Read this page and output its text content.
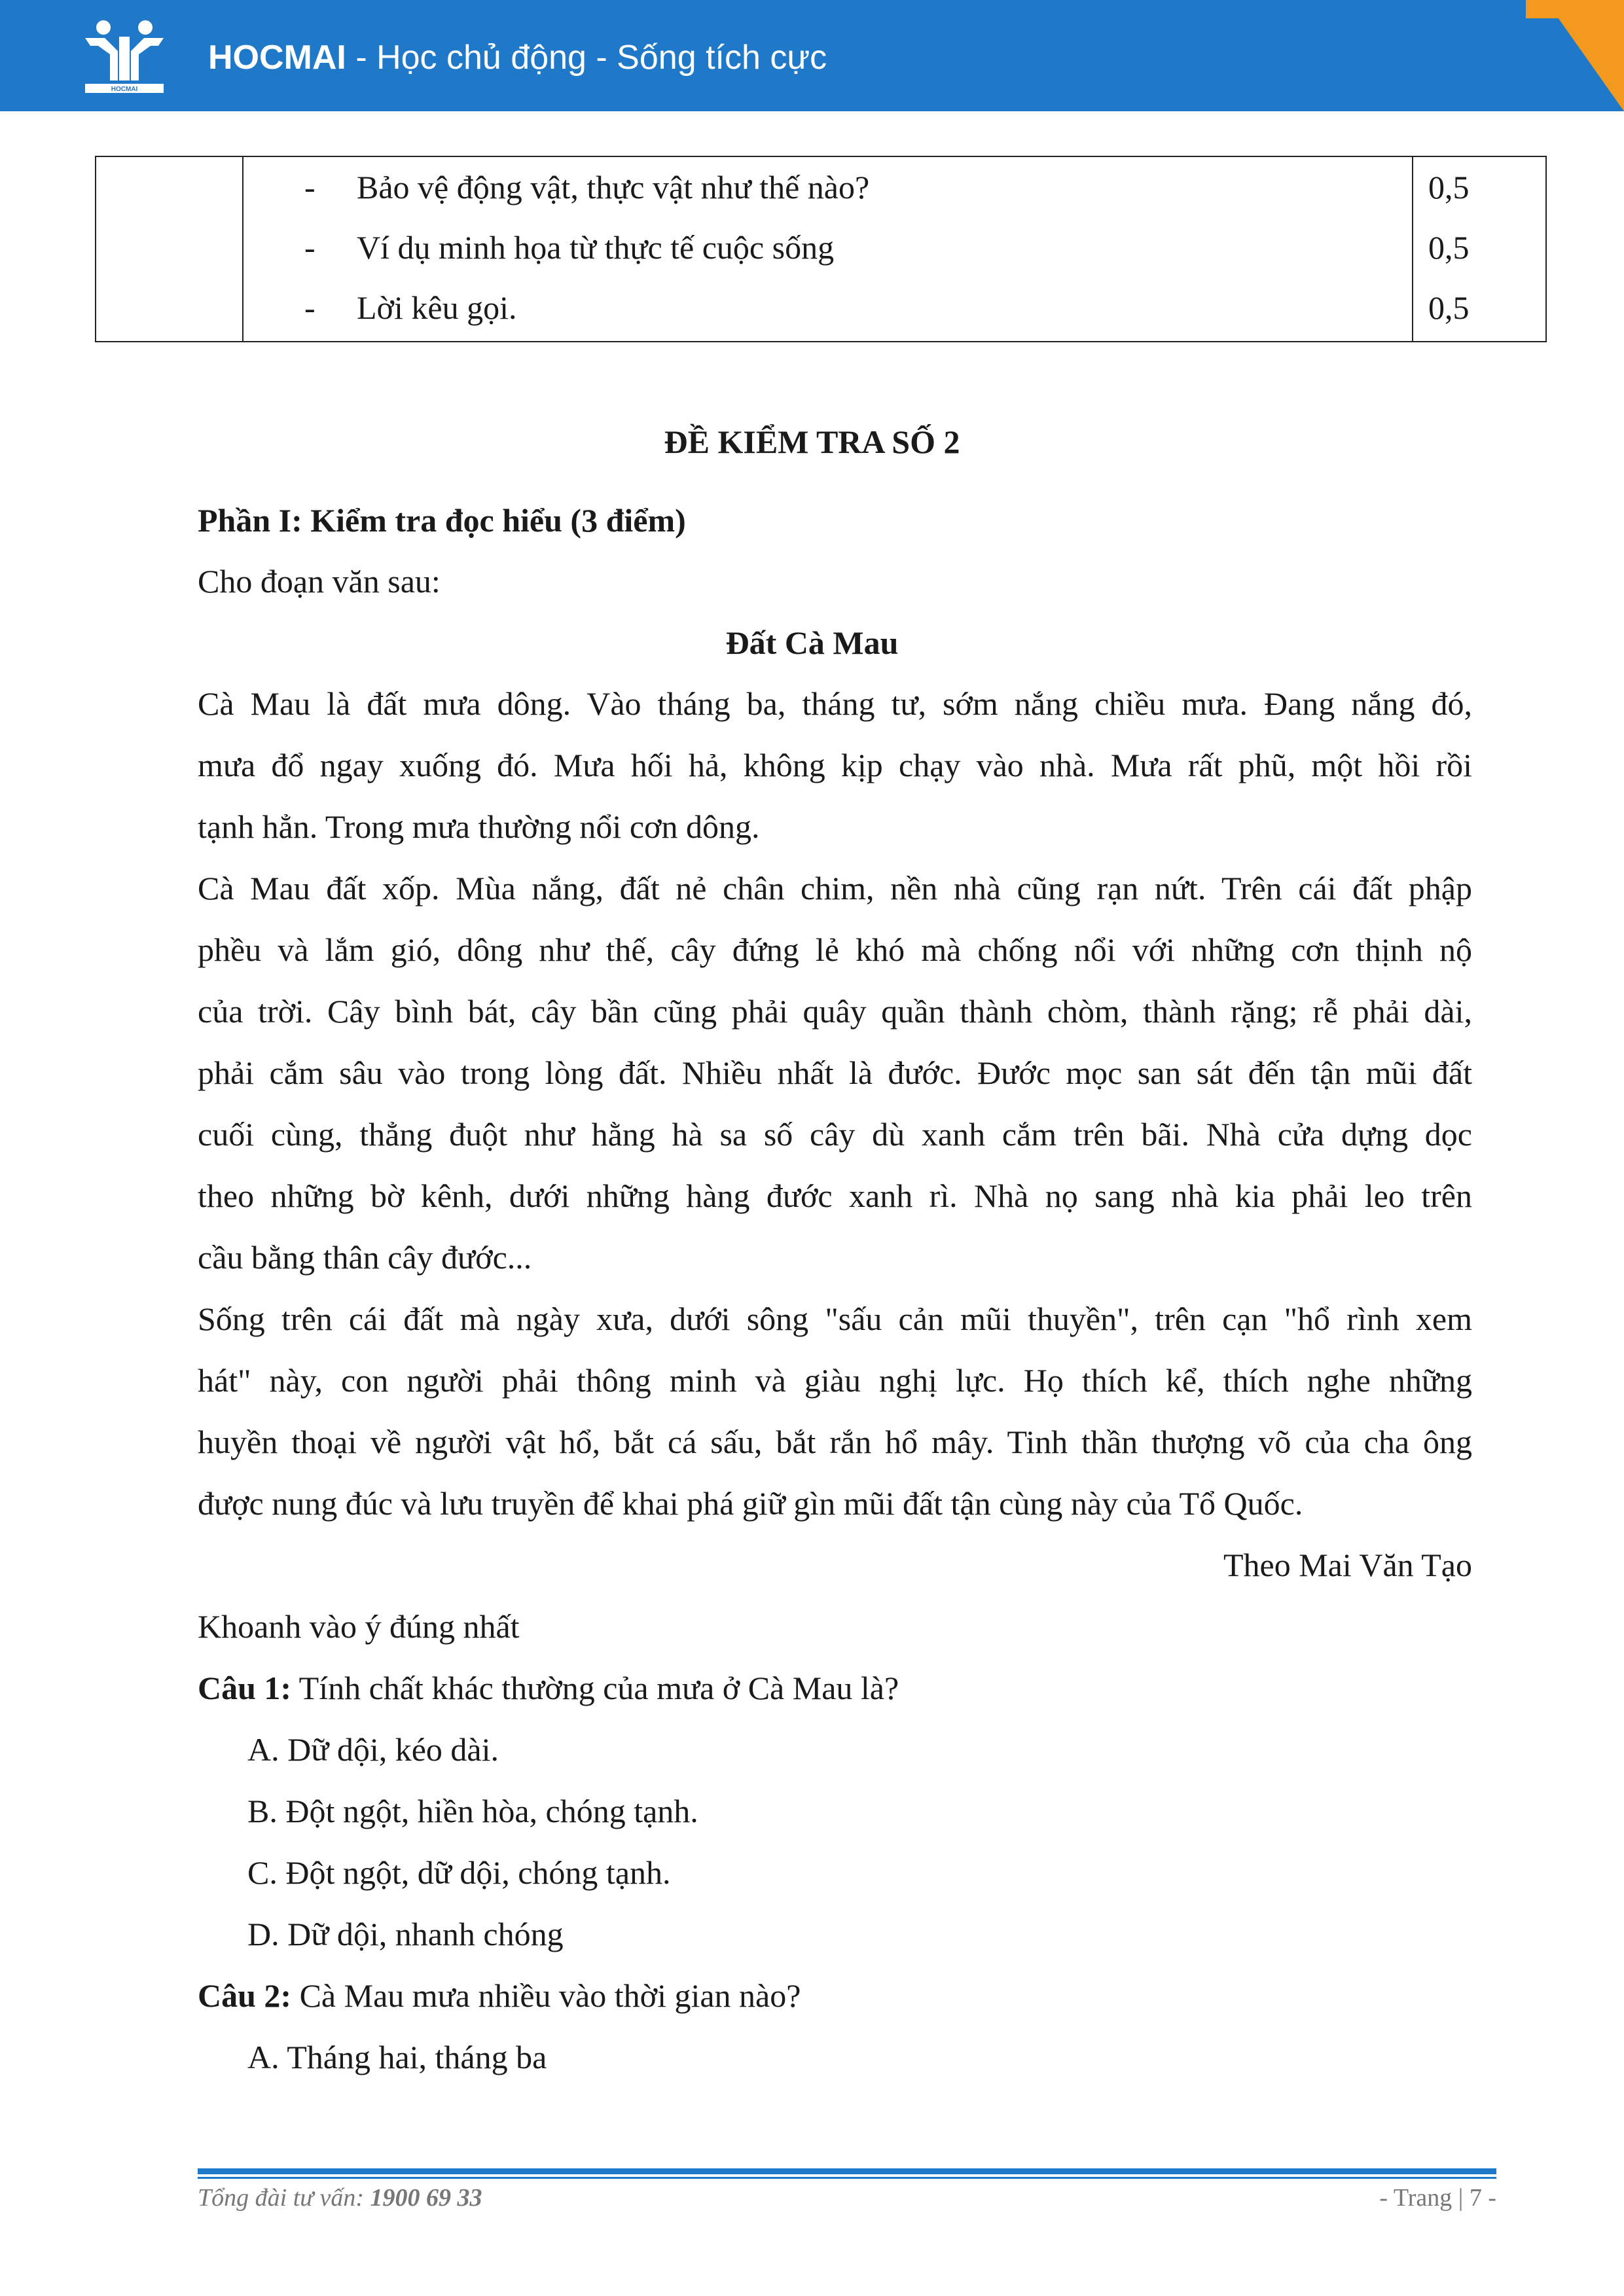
HOCMAI
HOCMAI - Học chủ động - Sống tích cực
- Bảo vệ động vật, thực vật như thế nào?	0,5
- Ví dụ minh họa từ thực tế cuộc sống	0,5
- Lời kêu gọi.	0,5
ĐỀ KIỂM TRA SỐ 2
Phần I: Kiểm tra đọc hiểu (3 điểm)
Cho đoạn văn sau:
Đất Cà Mau
Cà Mau là đất mưa dông. Vào tháng ba, tháng tư, sớm nắng chiều mưa. Đang nắng đó,
mưa đổ ngay xuống đó. Mưa hối hả, không kịp chạy vào nhà. Mưa rất phũ, một hồi rồi
tạnh hẳn. Trong mưa thường nổi cơn dông.
Cà Mau đất xốp. Mùa nắng, đất nẻ chân chim, nền nhà cũng rạn nứt. Trên cái đất phập
phều và lắm gió, dông như thế, cây đứng lẻ khó mà chống nổi với những cơn thịnh nộ
của trời. Cây bình bát, cây bần cũng phải quây quần thành chòm, thành rặng; rễ phải dài,
phải cắm sâu vào trong lòng đất. Nhiều nhất là đước. Đước mọc san sát đến tận mũi đất
cuối cùng, thẳng đuột như hằng hà sa số cây dù xanh cắm trên bãi. Nhà cửa dựng dọc
theo những bờ kênh, dưới những hàng đước xanh rì. Nhà nọ sang nhà kia phải leo trên
cầu bằng thân cây đước...
Sống trên cái đất mà ngày xưa, dưới sông "sấu cản mũi thuyền", trên cạn "hổ rình xem
hát" này, con người phải thông minh và giàu nghị lực. Họ thích kể, thích nghe những
huyền thoại về người vật hổ, bắt cá sấu, bắt rắn hổ mây. Tinh thần thượng võ của cha ông
được nung đúc và lưu truyền để khai phá giữ gìn mũi đất tận cùng này của Tổ Quốc.
Theo Mai Văn Tạo
Khoanh vào ý đúng nhất
Câu 1: Tính chất khác thường của mưa ở Cà Mau là?
A. Dữ dội, kéo dài.
B. Đột ngột, hiền hòa, chóng tạnh.
C. Đột ngột, dữ dội, chóng tạnh.
D. Dữ dội, nhanh chóng
Câu 2: Cà Mau mưa nhiều vào thời gian nào?
A. Tháng hai, tháng ba
Tổng đài tư vấn: 1900 69 33	- Trang | 7 -
